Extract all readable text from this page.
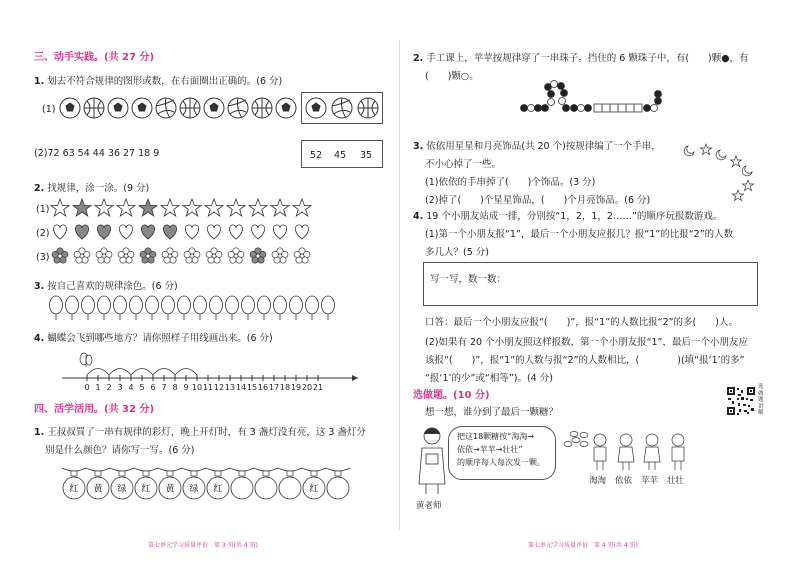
三、动手实践。(共 27 分)
1. 划去不符合规律的图形或数，在右面圈出正确的。(6 分)
(1)
(2)72 63 54 44 36 27 18 9	52 45 35
2. 找规律，涂一涂。(9 分)
(1)
(2)
(3)
3. 按自己喜欢的规律涂色。(6 分)
4. 蝴蝶会飞到哪些地方？请你照样子用线画出来。(6 分)
0 1 2 3 4 5 6 7 8 9 10 11 12 13 14 15 16 17 18 19 20 21
四、活学活用。(共 32 分)
1. 王叔叔買了一串有规律的彩灯，晚上开灯时，有 3 盏灯没有亮，这 3 盏灯分
别是什么颜色？请你写一写。(6 分)
红 黄 绿 红 黄 绿 红	红
第七单元学习质量评价　第 3 页(共 4 页)
2. 手工课上，苹苹按规律穿了一串珠子。挡住的 6 颗珠子中，有(　　)颗●，有
(　　)颗○。
3. 依依用星星和月亮饰品(共 20 个)按规律编了一个手串，
不小心掉了一些。
(1)依依的手串掉了(　　)个饰品。(3 分)
(2)掉了(　　)个星星饰品，(　　)个月亮饰品。(6 分)
4. 19 个小朋友站成一排，分别按“1，2，1，2……”的顺序玩报数游戏。
(1)第一个小朋友报“1”，最后一个小朋友应报几？报“1”的比报“2”的人数
多几人？(5 分)
写一写，数一数：
口答：最后一个小朋友应报“(　　)”，报“1”的人数比报“2”的多(　　)人。
(2)如果有 20 个小朋友照这样报数，第一个小朋友报“1”，最后一个小朋友应
该报“(　　)”，报“1”的人数与报“2”的人数相比，(　　　　)(填“报‘1’的多”
“报‘1’的少”或“相等”)。(4 分)
选做题。(10 分)
想一想，谁分到了最后一颗糖？
选做题讲解
把这18颗糖按“淘淘→
依依→苹苹→壮壮”
的顺序每人每次发一颗。
黄老师
淘淘 依依 苹苹 壮壮
第七单元学习质量评价　第 4 页(共 4 页)
